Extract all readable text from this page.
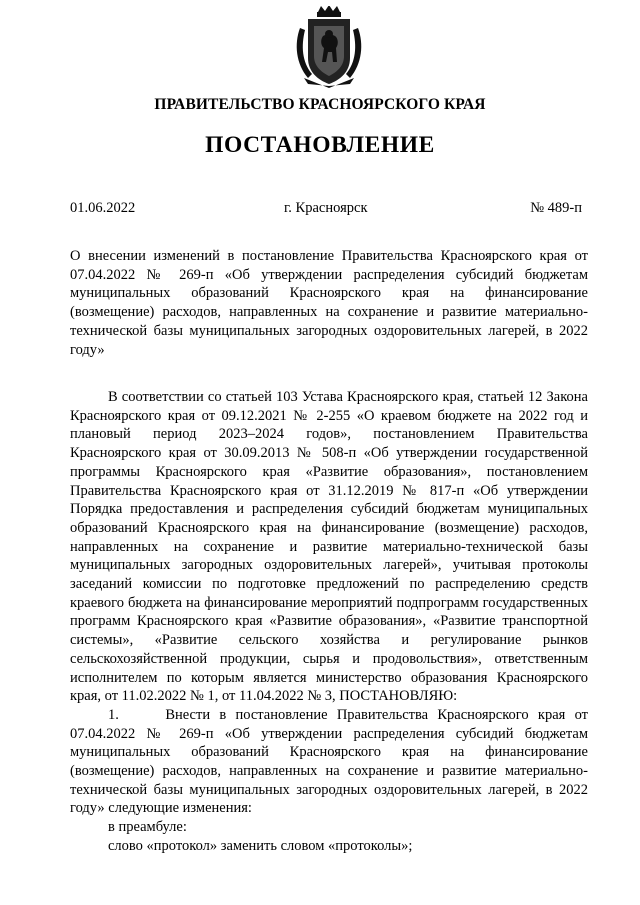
ПРАВИТЕЛЬСТВО КРАСНОЯРСКОГО КРАЯ
ПОСТАНОВЛЕНИЕ
01.06.2022	г. Красноярск	№ 489-п

О внесении изменений в постановление Правительства Красноярского края от 07.04.2022 № 269-п «Об утверждении распределения субсидий бюджетам муниципальных образований Красноярского края на финансирование (возмещение) расходов, направленных на сохранение и развитие материально-технической базы муниципальных загородных оздоровительных лагерей, в 2022 году»

В соответствии со статьей 103 Устава Красноярского края, статьей 12 Закона Красноярского края от 09.12.2021 № 2-255 «О краевом бюджете на 2022 год и плановый период 2023–2024 годов», постановлением Правительства Красноярского края от 30.09.2013 № 508-п «Об утверждении государственной программы Красноярского края «Развитие образования», постановлением Правительства Красноярского края от 31.12.2019 № 817-п «Об утверждении Порядка предоставления и распределения субсидий бюджетам муниципальных образований Красноярского края на финансирование (возмещение) расходов, направленных на сохранение и развитие материально-технической базы муниципальных загородных оздоровительных лагерей», учитывая протоколы заседаний комиссии по подготовке предложений по распределению средств краевого бюджета на финансирование мероприятий подпрограмм государственных программ Красноярского края «Развитие образования», «Развитие транспортной системы», «Развитие сельского хозяйства и регулирование рынков сельскохозяйственной продукции, сырья и продовольствия», ответственным исполнителем по которым является министерство образования Красноярского края, от 11.02.2022 № 1, от 11.04.2022 № 3, ПОСТАНОВЛЯЮ:

1.	Внести в постановление Правительства Красноярского края от 07.04.2022 № 269-п «Об утверждении распределения субсидий бюджетам муниципальных образований Красноярского края на финансирование (возмещение) расходов, направленных на сохранение и развитие материально-технической базы муниципальных загородных оздоровительных лагерей, в 2022 году» следующие изменения:

в преамбуле:

слово «протокол» заменить словом «протоколы»;
